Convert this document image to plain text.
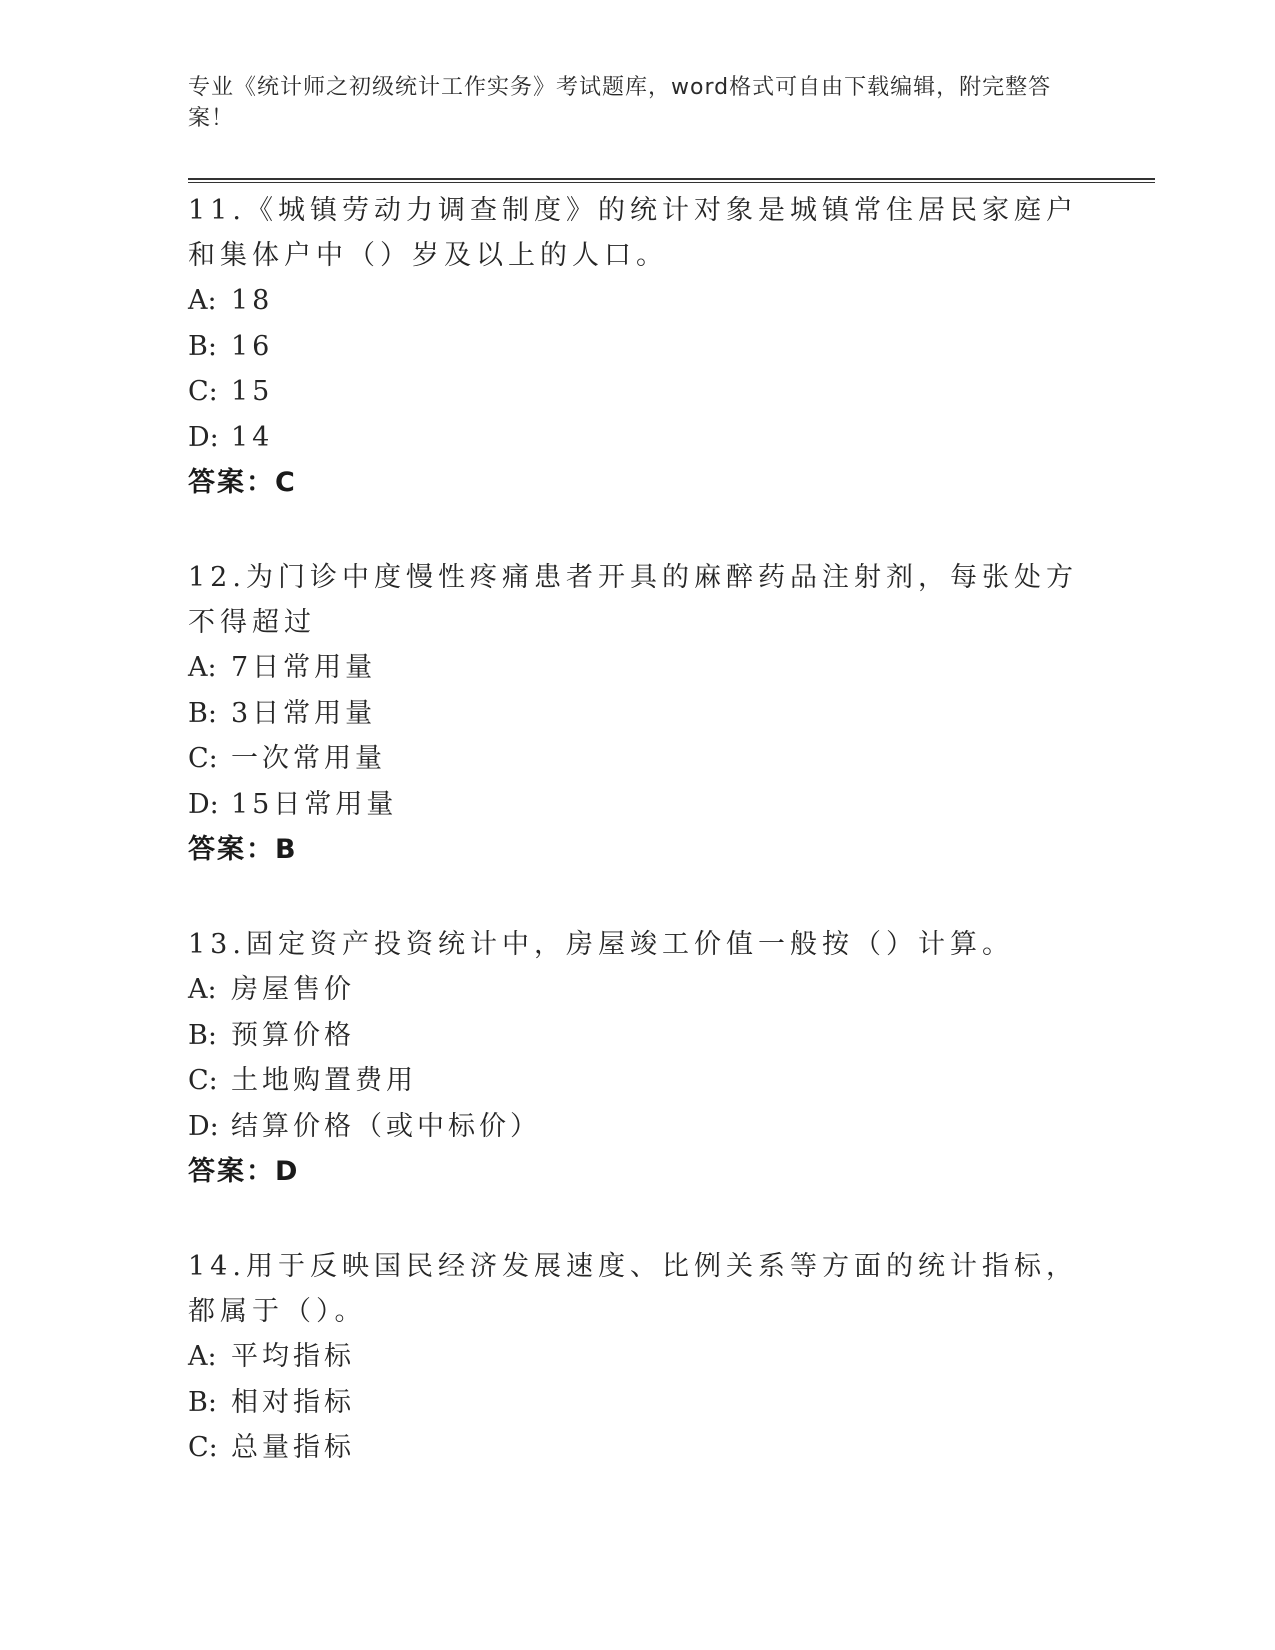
专业《统计师之初级统计工作实务》考试题库，word格式可自由下载编辑，附完整答案！

11.《城镇劳动力调查制度》的统计对象是城镇常住居民家庭户和集体户中（）岁及以上的人口。

A: 18
B: 16
C: 15
D: 14
答案：C

12.为门诊中度慢性疼痛患者开具的麻醉药品注射剂，每张处方不得超过

A: 7日常用量
B: 3日常用量
C: 一次常用量
D: 15日常用量
答案：B

13.固定资产投资统计中，房屋竣工价值一般按（）计算。

A: 房屋售价
B: 预算价格
C: 土地购置费用
D: 结算价格（或中标价）
答案：D

14.用于反映国民经济发展速度、比例关系等方面的统计指标，都属于（）。

A: 平均指标
B: 相对指标
C: 总量指标
